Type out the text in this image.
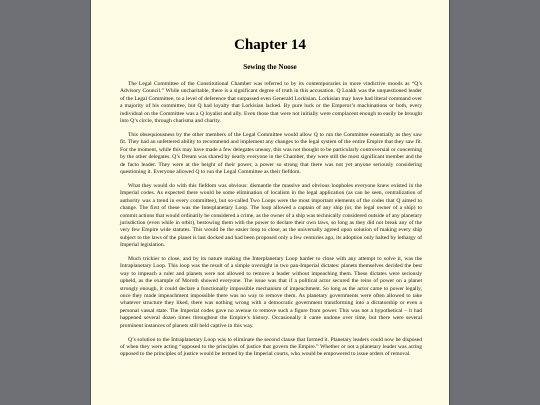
Chapter 14
Sewing the Noose

The Legal Committee of the Constitutional Chamber was referred to by its contemporaries in more vindictive moods as “Q’s Advisory Council.” While uncharitable, there is a significant degree of truth in this accusation. Q Loakh was the unquestioned leader of the Legal Committee, to a level of deference that surpassed even Generald Lorkisian. Lorkisian may have had literal command over a majority of his committee, but Q had loyalty that Lorkisian lacked. By pure luck or the Emperor’s machinations or both, every individual on the Committee was a Q loyalist and ally. Even those that were not initially were complacent enough to easily be brought into Q’s circle, through charisma and charity.

This obsequiousness by the other members of the Legal Committee would allow Q to run the Committee essentially as they saw fit. They had an unfettered ability to recommend and implement any changes to the legal system of the entire Empire that they saw fit. For the moment, while this may have made a few delegates uneasy, this was not thought to be particularly controversial or concerning by the other delegates. Q’s Dream was shared by nearly everyone in the Chamber, they were still the most significant member and the de facto leader. They were at the height of their power, a power so strong that there was not yet anyone seriously considering questioning it. Everyone allowed Q to run the Legal Committee as their fiefdom.

What they would do with this fiefdom was obvious: dismantle the massive and obvious loopholes everyone knew existed in the Imperial codes. As expected there would be some elimination of localism in the legal application (as can be seen, centralization of authority was a trend in every committee), but so-called Two Loops were the most important elements of the codes that Q aimed to change. The first of these was the Interplanetary Loop. The loop allowed a captain of any ship (or, the legal owner of a ship) to commit actions that would ordinarily be considered a crime, as the owner of a ship was technically considered outside of any planetary jurisdiction (even while in orbit), bestowing them with the power to declare their own laws, so long as they did not break any of the very few Empire wide statutes. This would be the easier loop to close, as the universally agreed upon solution of making every ship subject to the laws of the planet is last docked and had been proposed only a few centuries ago, its adoption only halted by lethargy of Imperial legislation.

Much trickier to close, and by its nature making the Interplanetary Loop harder to close with any attempt to solve it, was the Intraplanetary Loop. This loop was the result of a simple oversight in two pan-Imperial dictates: planets themselves decided the best way to impeach a ruler and planets were not allowed to remove a leader without impeaching them. These dictates were seriously upheld, as the example of Moroth showed everyone. The issue was that if a political actor secured the reins of power on a planet strongly enough, it could declare a functionally impossible mechanism of impeachment. So long as the actor came to power legally, once they made impeachment impossible there was no way to remove them. As planetary governments were often allowed to take whatever structure they liked, there was nothing wrong with a democratic government transforming into a dictatorship or even a personal vassal state. The Imperial codes gave no avenue to remove such a figure from power. This was not a hypothetical – it had happened several dozen times throughout the Empire’s history. Occasionally it came undone over time, but there were several prominent instances of planets still held captive in this way.

Q’s solution to the Intraplanetary Loop was to eliminate the second clause that formed it. Planetary leaders could now be disposed of when they were acting “opposed to the principles of justice that govern the Empire.” Whether or not a planetary leader was acting opposed to the principles of justice would be termed by the Imperial courts, who would be empowered to issue orders of removal.
